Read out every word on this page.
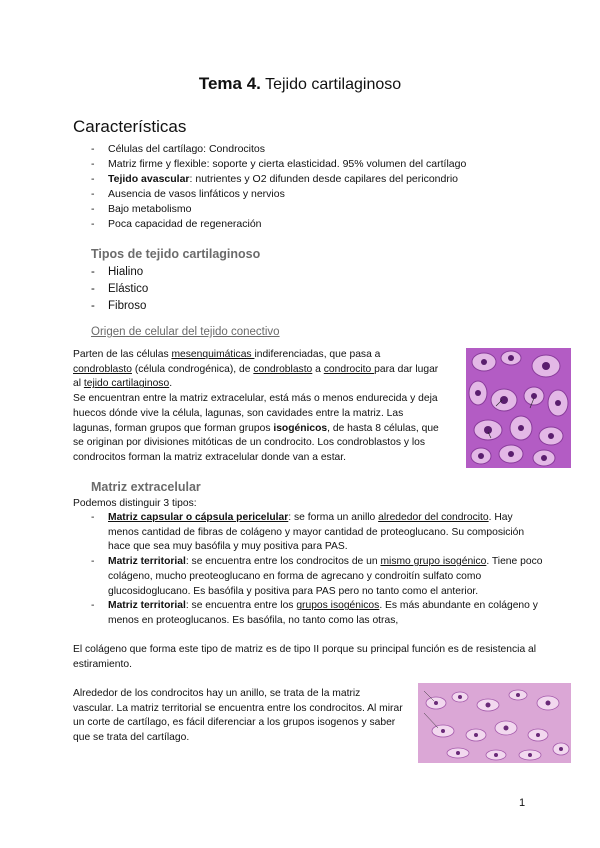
Tema 4. Tejido cartilaginoso
Características
- Células del cartílago: Condrocitos
- Matriz firme y flexible: soporte y cierta elasticidad. 95% volumen del cartílago
- Tejido avascular: nutrientes y O2 difunden desde capilares del pericondrio
- Ausencia de vasos linfáticos y nervios
- Bajo metabolismo
- Poca capacidad de regeneración
Tipos de tejido cartilaginoso
- Hialino
- Elástico
- Fibroso
Origen de celular del tejido conectivo
Parten de las células mesenquimáticas indiferenciadas, que pasa a condroblasto (célula condrogénica), de condroblasto a condrocito para dar lugar al tejido cartilaginoso.
Se encuentran entre la matriz extracelular, está más o menos endurecida y deja huecos dónde vive la célula, lagunas, son cavidades entre la matriz. Las lagunas, forman grupos que forman grupos isogénicos, de hasta 8 células, que se originan por divisiones mitóticas de un condrocito. Los condroblastos y los condrocitos forman la matriz extracelular donde van a estar.
Matriz extracelular
Podemos distinguir 3 tipos:
- Matriz capsular o cápsula pericelular: se forma un anillo alrededor del condrocito. Hay menos cantidad de fibras de colágeno y mayor cantidad de proteoglucano. Su composición hace que sea muy basófila y muy positiva para PAS.
- Matriz territorial: se encuentra entre los condrocitos de un mismo grupo isogénico. Tiene poco colágeno, mucho preoteoglucano en forma de agrecano y condroitín sulfato como glucosidoglucano. Es basófila y positiva para PAS pero no tanto como el anterior.
- Matriz territorial: se encuentra entre los grupos isogénicos. Es más abundante en colágeno y menos en proteoglucanos. Es basófila, no tanto como las otras,
El colágeno que forma este tipo de matriz es de tipo II porque su principal función es de resistencia al estiramiento.
Alrededor de los condrocitos hay un anillo, se trata de la matriz vascular. La matriz territorial se encuentra entre los condrocitos. Al mirar un corte de cartílago, es fácil diferenciar a los grupos isogenos y saber que se trata del cartílago.
1
